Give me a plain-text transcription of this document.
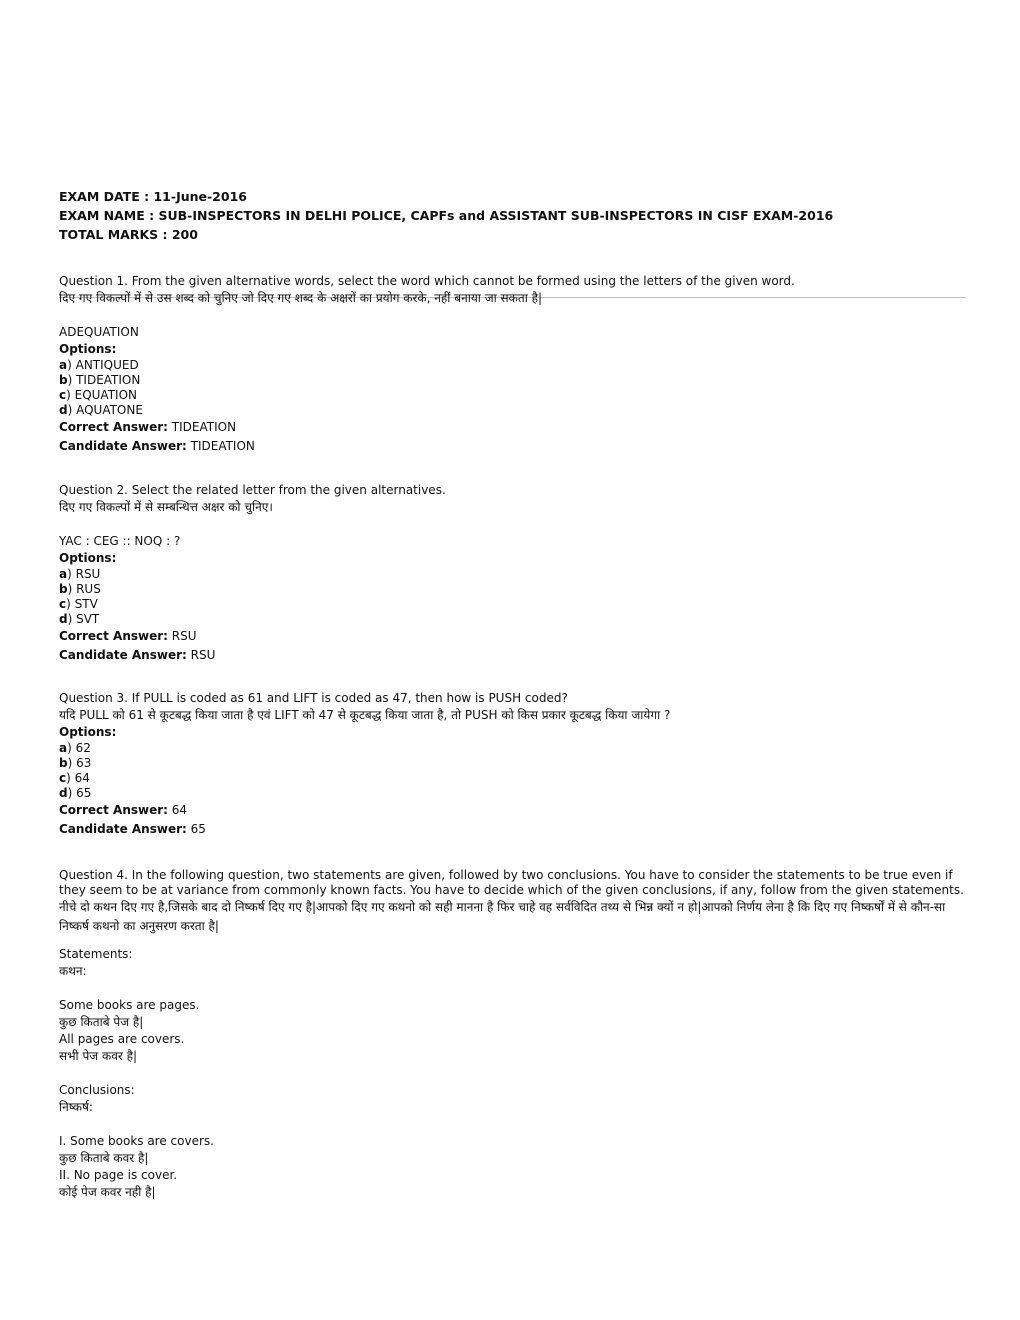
EXAM DATE : 11-June-2016
EXAM NAME : SUB-INSPECTORS IN DELHI POLICE, CAPFs and ASSISTANT SUB-INSPECTORS IN CISF EXAM-2016
TOTAL MARKS : 200
Question 1. From the given alternative words, select the word which cannot be formed using the letters of the given word.
दिए गए विकल्पों में से उस शब्द को चुनिए जो दिए गए शब्द के अक्षरों का प्रयोग करके, नहीं बनाया जा सकता है|
ADEQUATION
Options:
a) ANTIQUED
b) TIDEATION
c) EQUATION
d) AQUATONE
Correct Answer: TIDEATION
Candidate Answer: TIDEATION
Question 2. Select the related letter from the given alternatives.
दिए गए विकल्पों में से सम्बन्धित्त अक्षर को चुनिए।
YAC : CEG :: NOQ : ?
Options:
a) RSU
b) RUS
c) STV
d) SVT
Correct Answer: RSU
Candidate Answer: RSU
Question 3. If PULL is coded as 61 and LIFT is coded as 47, then how is PUSH coded?
यदि PULL को 61 से कूटबद्ध किया जाता है एवं LIFT को 47 से कूटबद्ध किया जाता है, तो PUSH को किस प्रकार कूटबद्ध किया जायेगा ?
Options:
a) 62
b) 63
c) 64
d) 65
Correct Answer: 64
Candidate Answer: 65
Question 4. In the following question, two statements are given, followed by two conclusions. You have to consider the statements to be true even if they seem to be at variance from commonly known facts. You have to decide which of the given conclusions, if any, follow from the given statements.
नीचे दो कथन दिए गए है,जिसके बाद दो निष्कर्ष दिए गए है|आपको दिए गए कथनो को सही मानना है फिर चाहे वह सर्वविदित तथ्य से भिन्न क्यों न हो|आपको निर्णय लेना है कि दिए गए निष्कर्षों में से कौन-सा निष्कर्ष कथनो का अनुसरण करता है|
Statements:
कथन:
Some books are pages.
कुछ किताबे पेज है|
All pages are covers.
सभी पेज कवर है|
Conclusions:
निष्कर्ष:
I. Some books are covers.
कुछ किताबे कवर है|
II. No page is cover.
कोई पेज कवर नही है|
